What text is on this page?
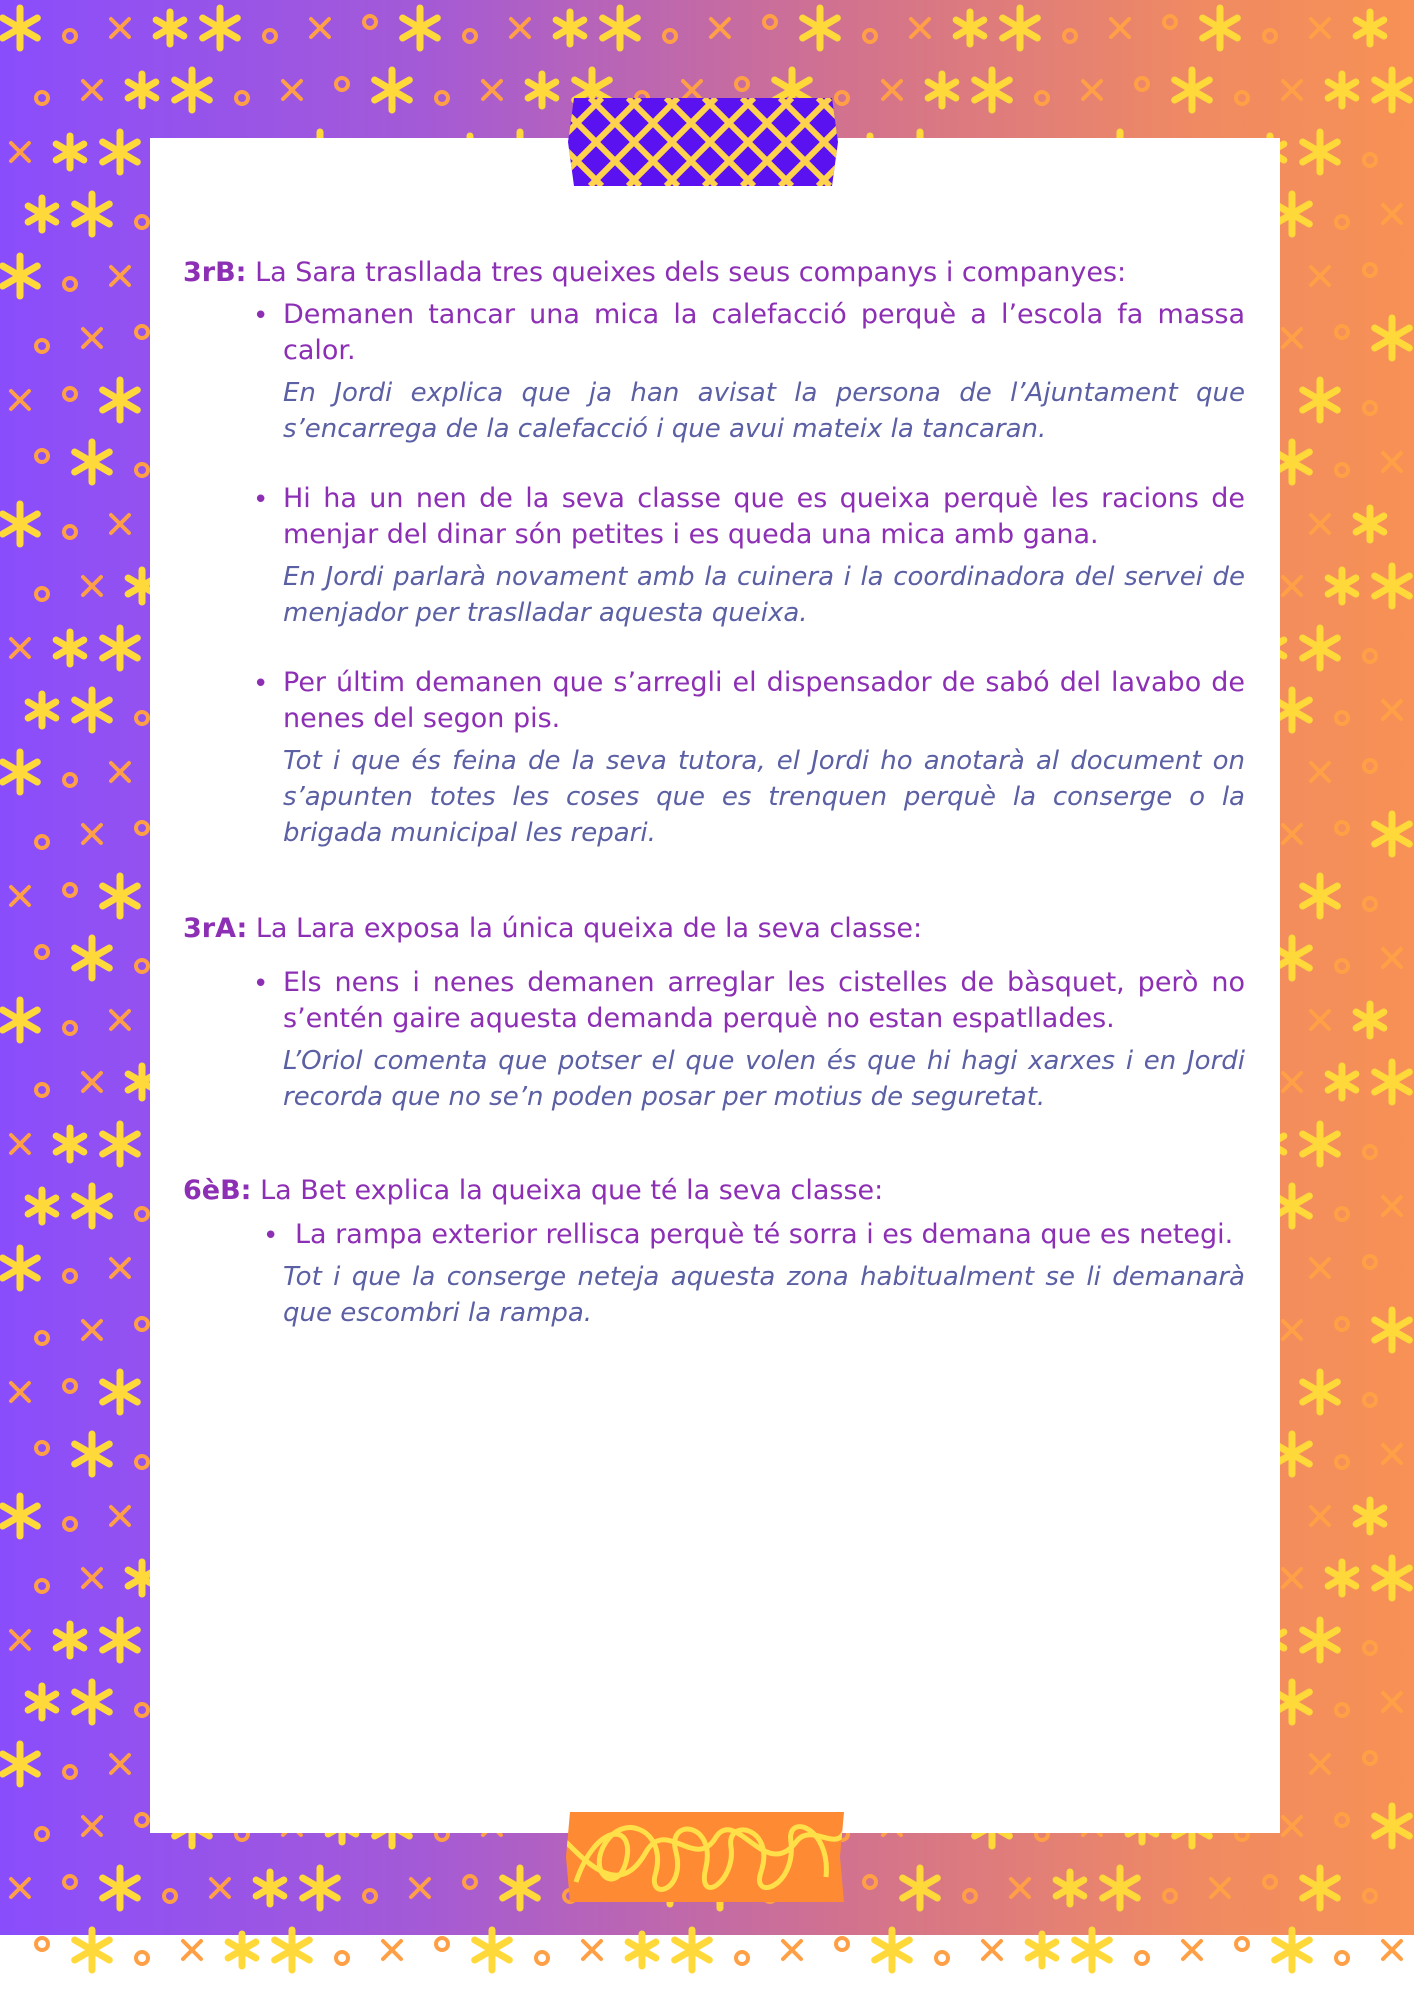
3rB: La Sara trasllada tres queixes dels seus companys i companyes:

• Demanen tancar una mica la calefacció perquè a l’escola fa massa calor.

En Jordi explica que ja han avisat la persona de l’Ajuntament que s’encarrega de la calefacció i que avui mateix la tancaran.

• Hi ha un nen de la seva classe que es queixa perquè les racions de menjar del dinar són petites i es queda una mica amb gana.

En Jordi parlarà novament amb la cuinera i la coordinadora del servei de menjador per traslladar aquesta queixa.

• Per últim demanen que s’arregli el dispensador de sabó del lavabo de nenes del segon pis.

Tot i que és feina de la seva tutora, el Jordi ho anotarà al document on s’apunten totes les coses que es trenquen perquè la conserge o la brigada municipal les repari.

3rA: La Lara exposa la única queixa de la seva classe:

• Els nens i nenes demanen arreglar les cistelles de bàsquet, però no s’entén gaire aquesta demanda perquè no estan espatllades.

L’Oriol comenta que potser el que volen és que hi hagi xarxes i en Jordi recorda que no se’n poden posar per motius de seguretat.

6èB: La Bet explica la queixa que té la seva classe:

• La rampa exterior rellisca perquè té sorra i es demana que es netegi.

Tot i que la conserge neteja aquesta zona habitualment se li demanarà que escombri la rampa.
